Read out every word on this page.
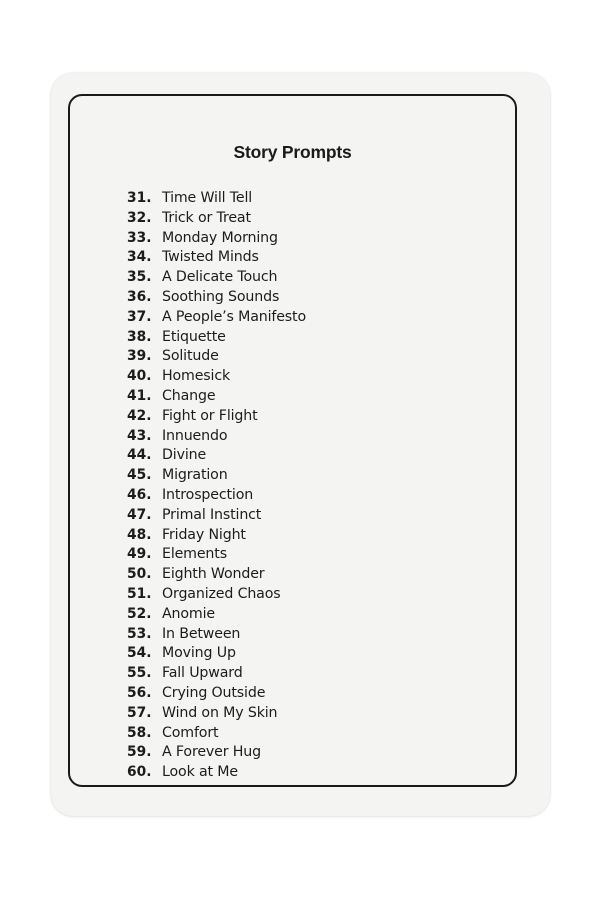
Story Prompts
31. Time Will Tell
32. Trick or Treat
33. Monday Morning
34. Twisted Minds
35. A Delicate Touch
36. Soothing Sounds
37. A People’s Manifesto
38. Etiquette
39. Solitude
40. Homesick
41. Change
42. Fight or Flight
43. Innuendo
44. Divine
45. Migration
46. Introspection
47. Primal Instinct
48. Friday Night
49. Elements
50. Eighth Wonder
51. Organized Chaos
52. Anomie
53. In Between
54. Moving Up
55. Fall Upward
56. Crying Outside
57. Wind on My Skin
58. Comfort
59. A Forever Hug
60. Look at Me
